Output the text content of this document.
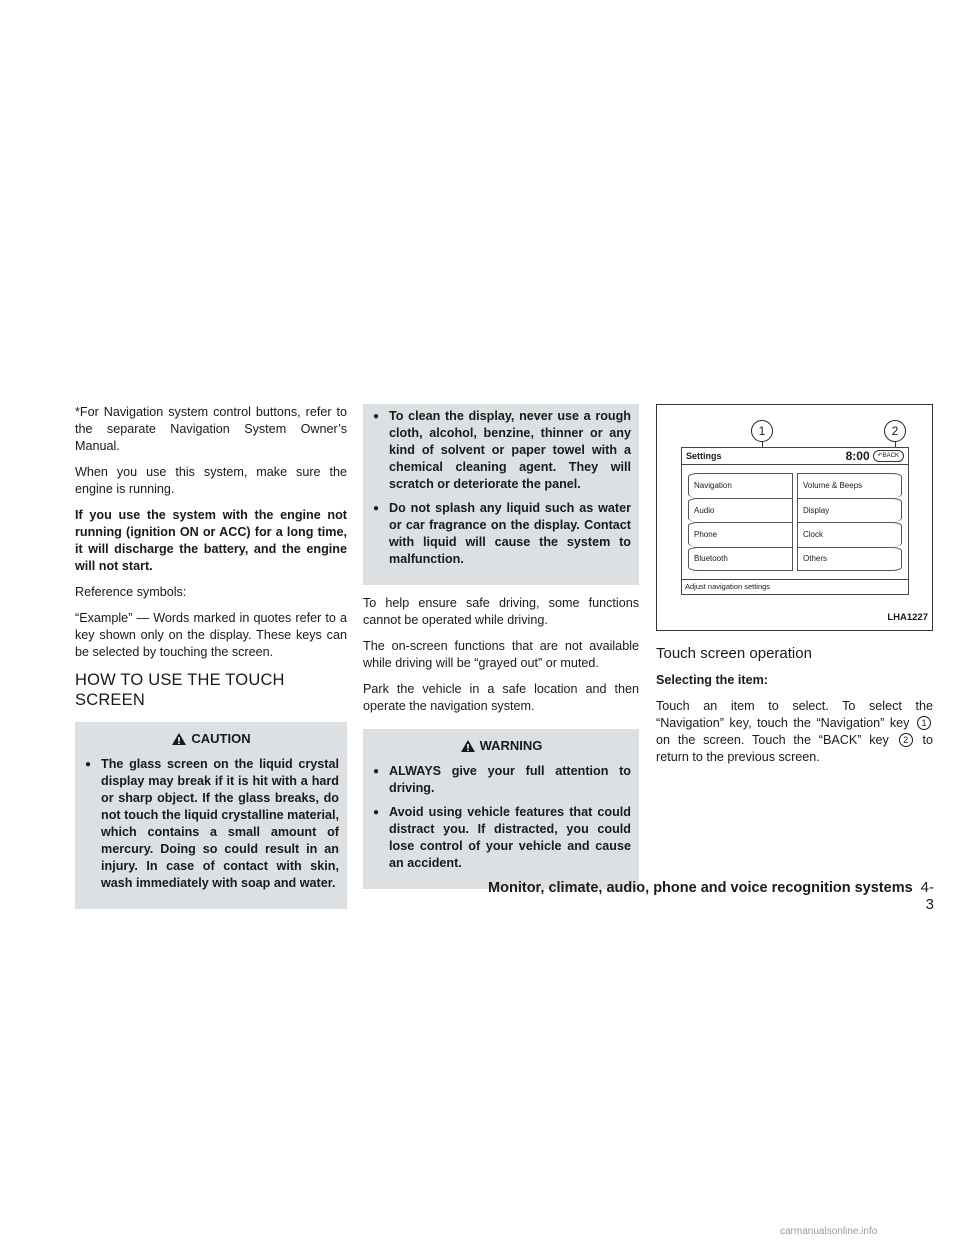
*For Navigation system control buttons, refer to the separate Navigation System Owner’s Manual.

When you use this system, make sure the engine is running.

If you use the system with the engine not running (ignition ON or ACC) for a long time, it will discharge the battery, and the engine will not start.

Reference symbols:

“Example” — Words marked in quotes refer to a key shown only on the display. These keys can be selected by touching the screen.

HOW TO USE THE TOUCH SCREEN
CAUTION
● The glass screen on the liquid crystal display may break if it is hit with a hard or sharp object. If the glass breaks, do not touch the liquid crystalline material, which contains a small amount of mercury. Doing so could result in an injury. In case of contact with skin, wash immediately with soap and water.
● To clean the display, never use a rough cloth, alcohol, benzine, thinner or any kind of solvent or paper towel with a chemical cleaning agent. They will scratch or deteriorate the panel.
● Do not splash any liquid such as water or car fragrance on the display. Contact with liquid will cause the system to malfunction.

To help ensure safe driving, some functions cannot be operated while driving.

The on-screen functions that are not available while driving will be “grayed out” or muted.

Park the vehicle in a safe location and then operate the navigation system.

WARNING
● ALWAYS give your full attention to driving.
● Avoid using vehicle features that could distract you. If distracted, you could lose control of your vehicle and cause an accident.
1	2
Settings	8:00	↶BACK
Navigation	Volume & Beeps
Audio	Display
Phone	Clock
Bluetooth	Others
Adjust navigation settings
LHA1227
Touch screen operation
Selecting the item:

Touch an item to select. To select the “Navigation” key, touch the “Navigation” key 1 on the screen. Touch the “BACK” key 2 to return to the previous screen.

Monitor, climate, audio, phone and voice recognition systems 4-3
carmanualsonline.info
